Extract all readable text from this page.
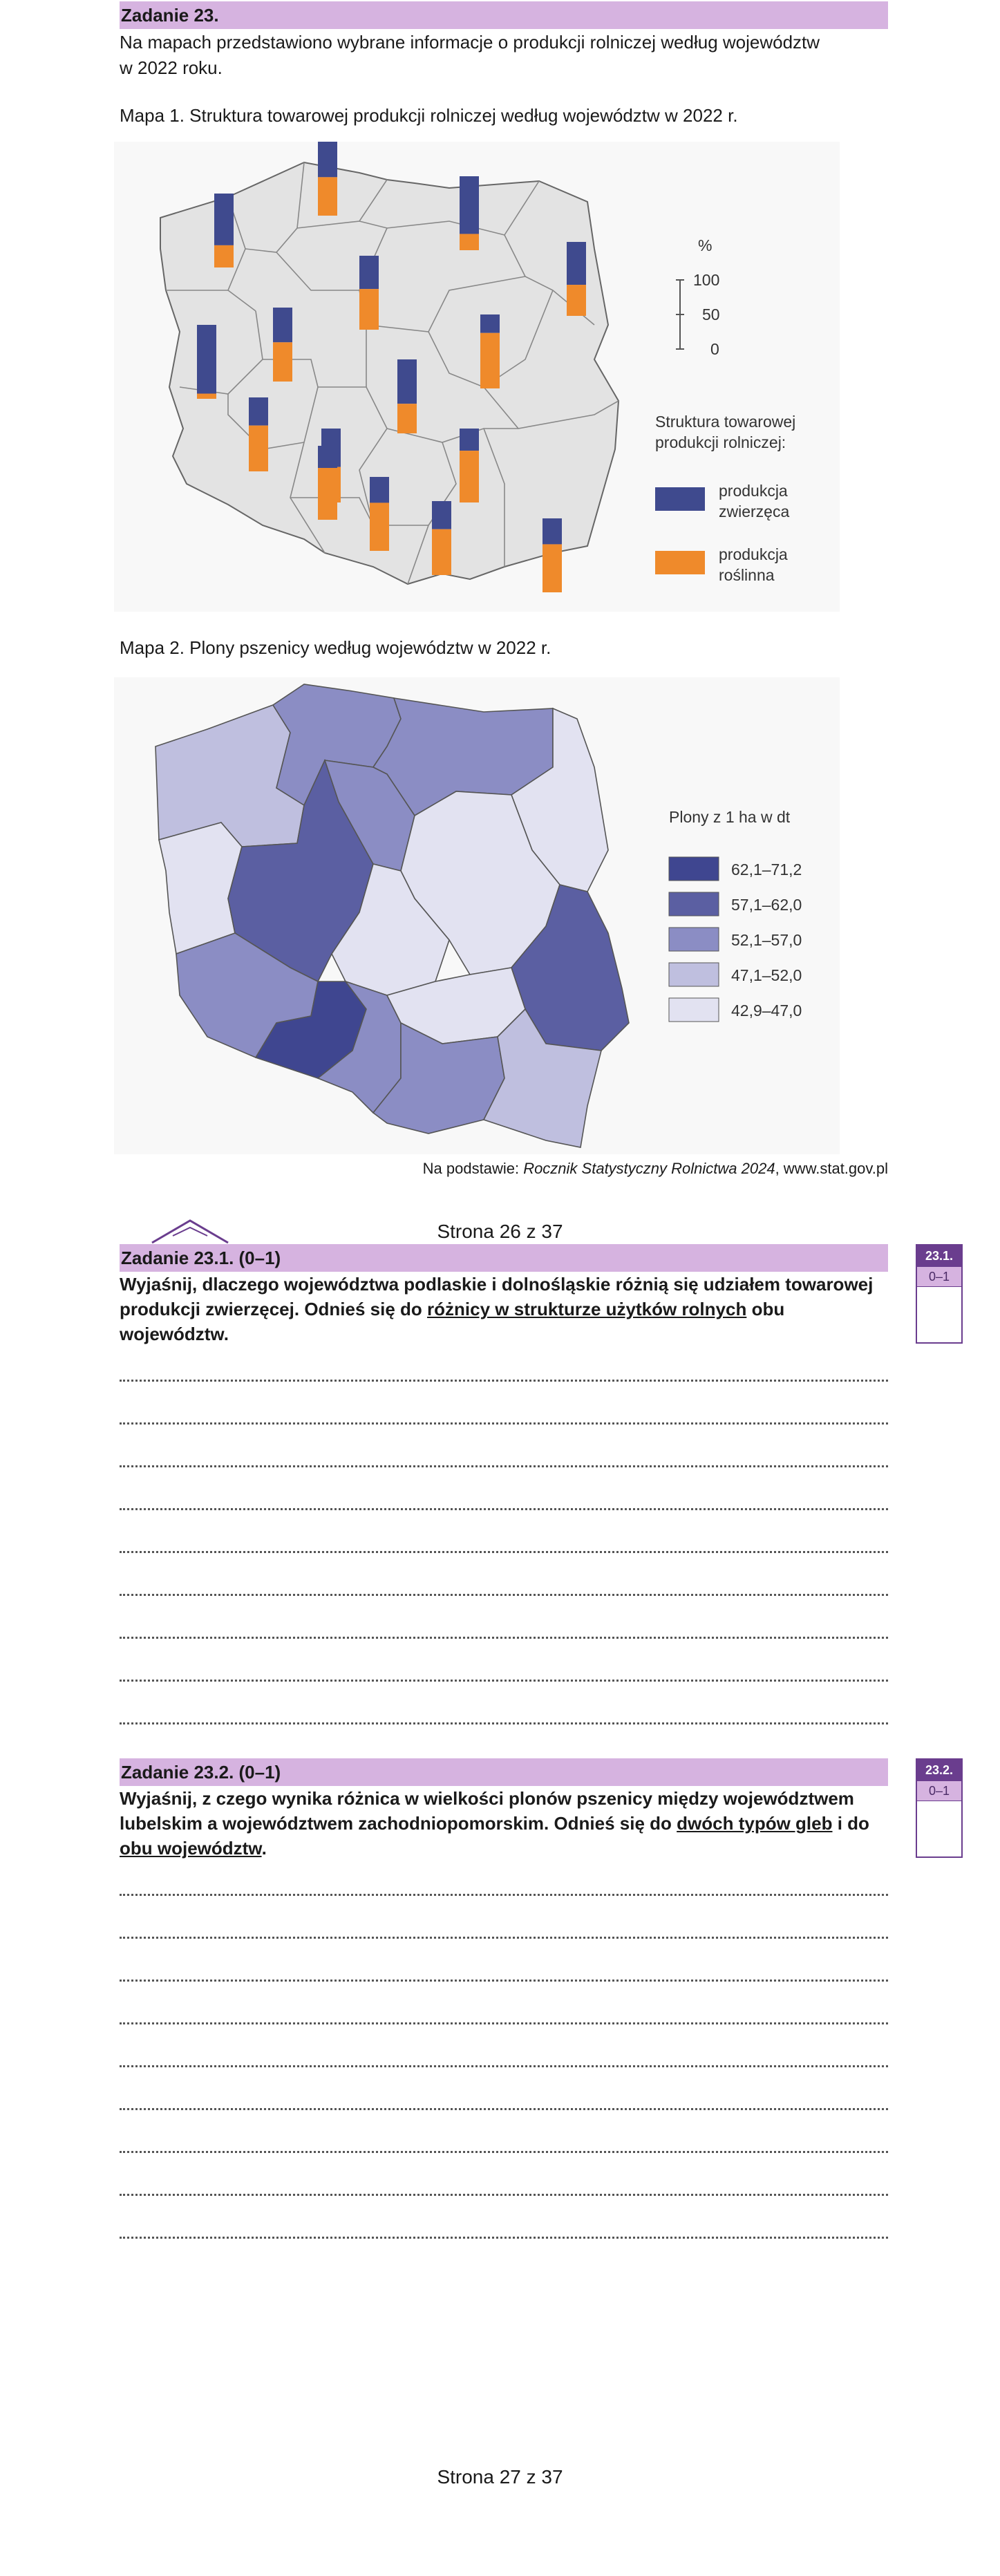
Zadanie 23.
Na mapach przedstawiono wybrane informacje o produkcji rolniczej według województw
w 2022 roku.
Mapa 1. Struktura towarowej produkcji rolniczej według województw w 2022 r.
%
100
50
0
Struktura towarowej
produkcji rolniczej:
produkcja
zwierzęca
produkcja
roślinna
Mapa 2. Plony pszenicy według województw w 2022 r.
Plony z 1 ha w dt
62,1–71,2
57,1–62,0
52,1–57,0
47,1–52,0
42,9–47,0
Na podstawie: Rocznik Statystyczny Rolnictwa 2024, www.stat.gov.pl
Strona 26 z 37
Zadanie 23.1. (0–1)
Wyjaśnij, dlaczego województwa podlaskie i dolnośląskie różnią się udziałem towarowej produkcji zwierzęcej. Odnieś się do różnicy w strukturze użytków rolnych obu województw.
23.1.
0–1
Zadanie 23.2. (0–1)
Wyjaśnij, z czego wynika różnica w wielkości plonów pszenicy między województwem lubelskim a województwem zachodniopomorskim. Odnieś się do dwóch typów gleb i do obu województw.
23.2.
0–1
Strona 27 z 37
